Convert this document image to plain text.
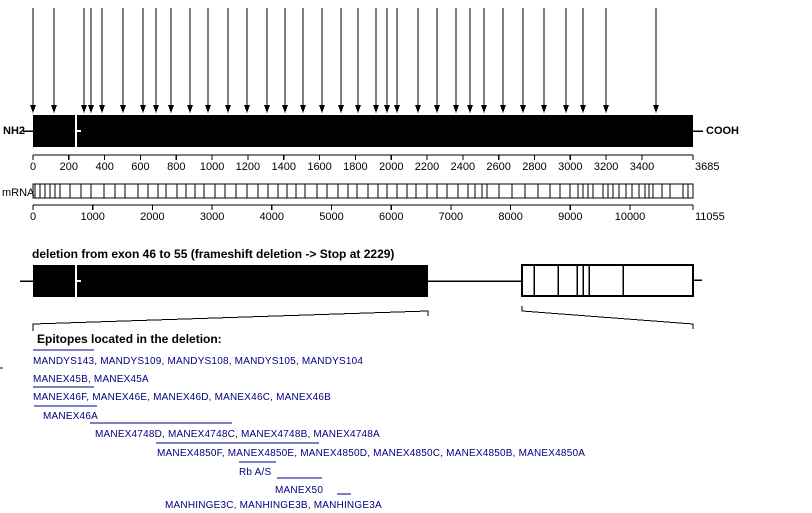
NH2	COOH
mRNA
deletion from exon 46 to 55 (frameshift deletion -> Stop at 2229)
Epitopes located in the deletion:
0 200 400 600 800 1000 1200 1400 1600 1800 2000 2200 2400 2600 2800 3000 3200 3400	3685
0	1000	2000	3000	4000	5000	6000	7000	8000	9000	10000	11055
MANDYS143, MANDYS109, MANDYS108, MANDYS105, MANDYS104
MANEX45B, MANEX45A
MANEX46F, MANEX46E, MANEX46D, MANEX46C, MANEX46B
MANEX46A
MANEX4748D, MANEX4748C, MANEX4748B, MANEX4748A
MANEX4850F, MANEX4850E, MANEX4850D, MANEX4850C, MANEX4850B, MANEX4850A
Rb A/S
MANEX50
MANHINGE3C, MANHINGE3B, MANHINGE3A
